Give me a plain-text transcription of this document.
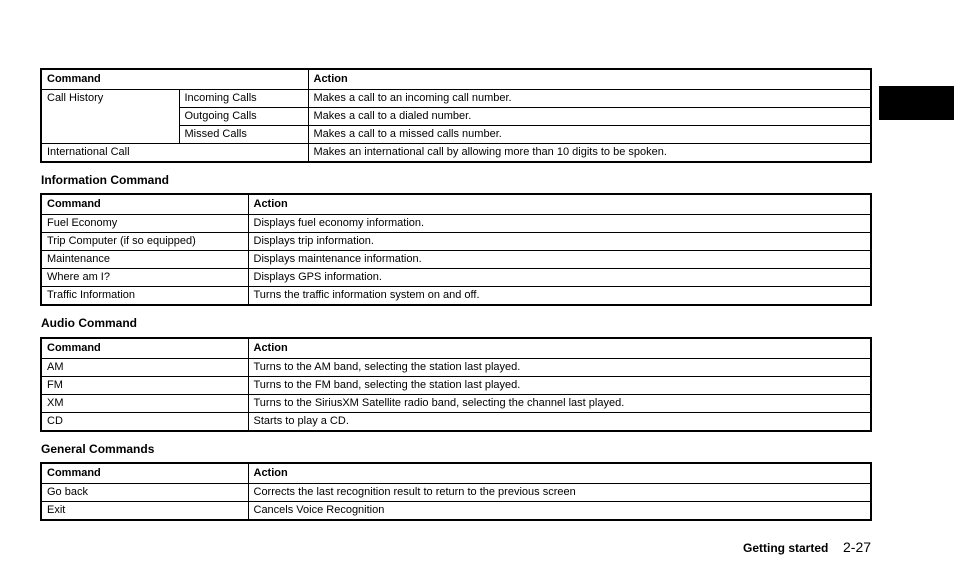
Command		Action
Call History	Incoming Calls	Makes a call to an incoming call number.
	Outgoing Calls	Makes a call to a dialed number.
	Missed Calls	Makes a call to a missed calls number.
International Call		Makes an international call by allowing more than 10 digits to be spoken.
Information Command
Command	Action
Fuel Economy	Displays fuel economy information.
Trip Computer (if so equipped)	Displays trip information.
Maintenance	Displays maintenance information.
Where am I?	Displays GPS information.
Traffic Information	Turns the traffic information system on and off.
Audio Command
Command	Action
AM	Turns to the AM band, selecting the station last played.
FM	Turns to the FM band, selecting the station last played.
XM	Turns to the SiriusXM Satellite radio band, selecting the channel last played.
CD	Starts to play a CD.
General Commands
Command	Action
Go back	Corrects the last recognition result to return to the previous screen
Exit	Cancels Voice Recognition
Getting started 2-27
